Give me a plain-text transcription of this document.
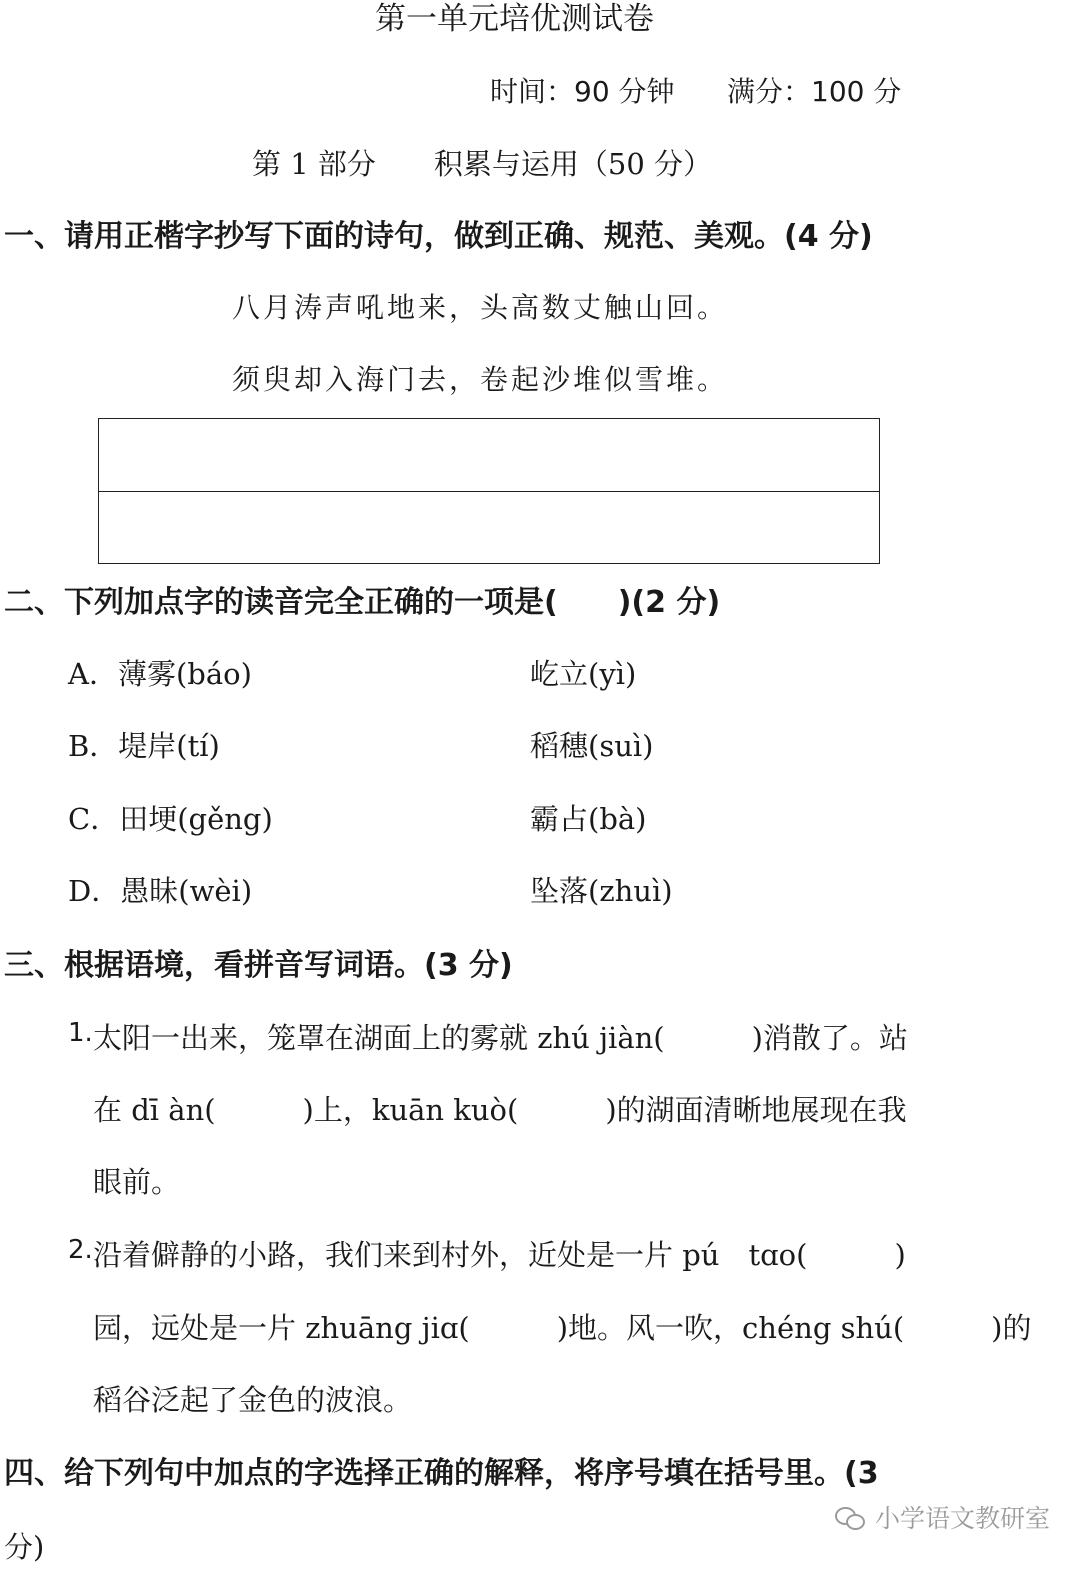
第一单元培优测试卷
时间：90 分钟 满分：100 分
第 1 部分　　积累与运用（50 分）
一、请用正楷字抄写下面的诗句，做到正确、规范、美观。(4 分)
八月涛声吼地来，头高数丈触山回。
须臾却入海门去，卷起沙堆似雪堆。
二、下列加点字的读音完全正确的一项是(　　)(2 分)
A．薄雾(báo)	屹立(yì)
B．堤岸(tí)	稻穗(suì)
C．田埂(gěng)	霸占(bà)
D．愚昧(wèi)	坠落(zhuì)
三、根据语境，看拼音写词语。(3 分)
1. 太阳一出来，笼罩在湖面上的雾就 zhú jiàn(　　　)消散了。站
在 dī àn(　　　)上，kuān kuò(　　　)的湖面清晰地展现在我
眼前。
2. 沿着僻静的小路，我们来到村外，近处是一片 pú　tɑo(　　　)
园，远处是一片 zhuāng jiɑ(　　　)地。风一吹，chéng shú(　　　)的
稻谷泛起了金色的波浪。
四、给下列句中加点的字选择正确的解释，将序号填在括号里。(3
分)
小学语文教研室
